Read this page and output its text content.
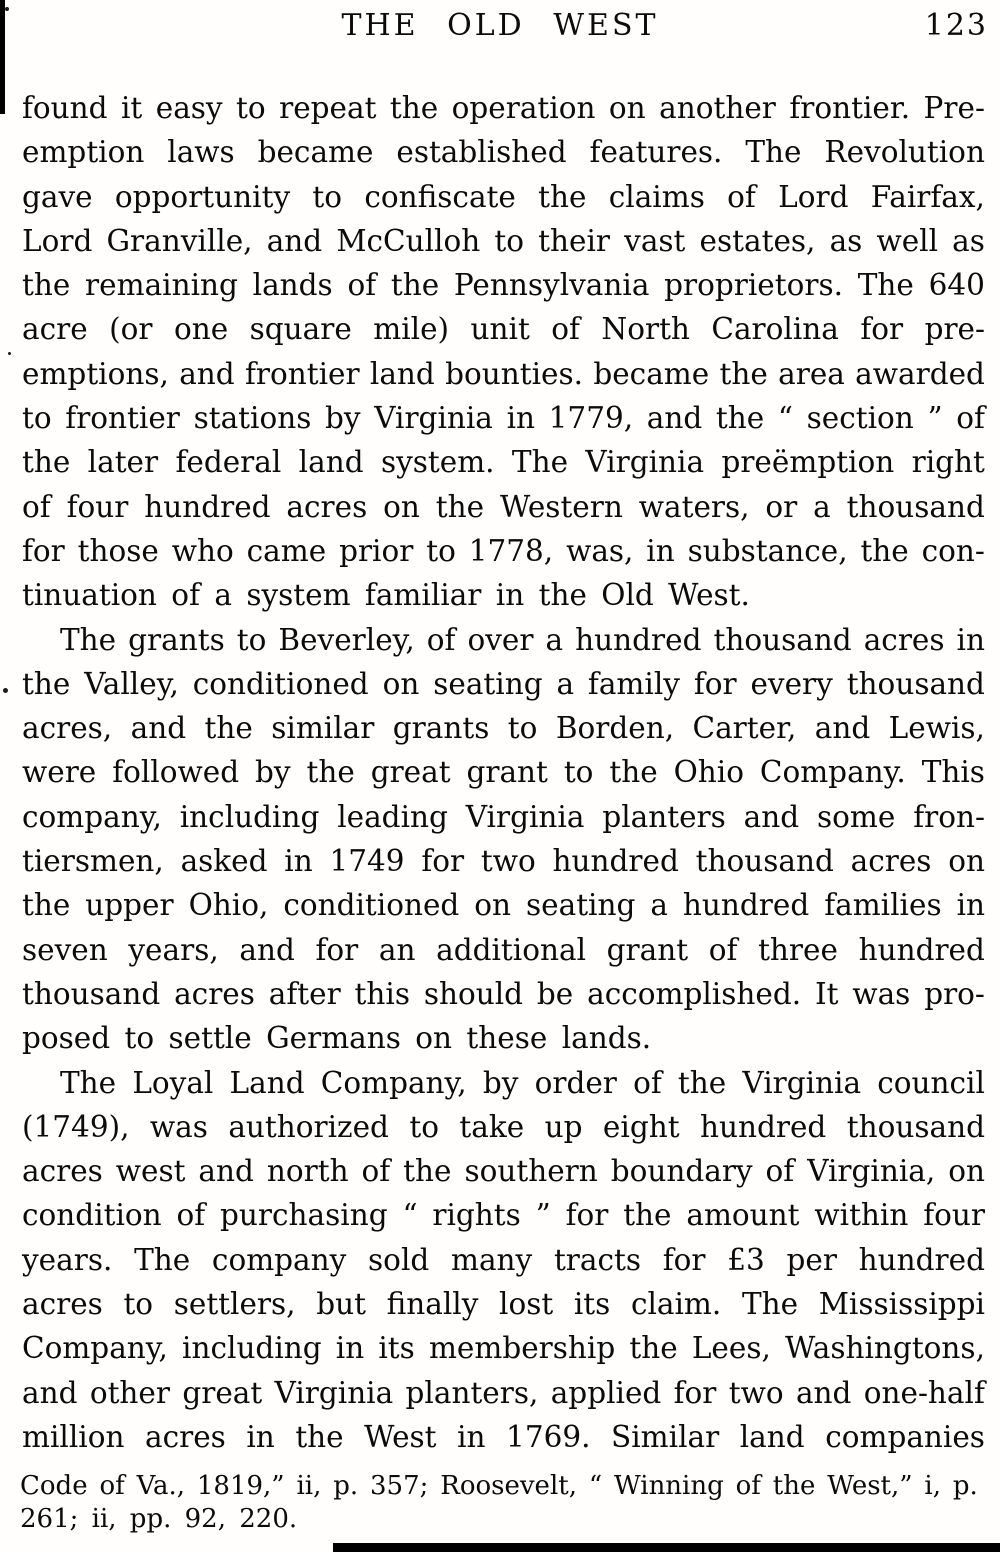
THE OLD WEST	123
found it easy to repeat the operation on another frontier. Pre-
emption laws became established features. The Revolution
gave opportunity to confiscate the claims of Lord Fairfax,
Lord Granville, and McCulloh to their vast estates, as well as
the remaining lands of the Pennsylvania proprietors. The 640
acre (or one square mile) unit of North Carolina for pre-
emptions, and frontier land bounties. became the area awarded
to frontier stations by Virginia in 1779, and the “ section ” of
the later federal land system. The Virginia preëmption right
of four hundred acres on the Western waters, or a thousand
for those who came prior to 1778, was, in substance, the con-
tinuation of a system familiar in the Old West.
The grants to Beverley, of over a hundred thousand acres in
the Valley, conditioned on seating a family for every thousand
acres, and the similar grants to Borden, Carter, and Lewis,
were followed by the great grant to the Ohio Company. This
company, including leading Virginia planters and some fron-
tiersmen, asked in 1749 for two hundred thousand acres on
the upper Ohio, conditioned on seating a hundred families in
seven years, and for an additional grant of three hundred
thousand acres after this should be accomplished. It was pro-
posed to settle Germans on these lands.
The Loyal Land Company, by order of the Virginia council
(1749), was authorized to take up eight hundred thousand
acres west and north of the southern boundary of Virginia, on
condition of purchasing “ rights ” for the amount within four
years. The company sold many tracts for £3 per hundred
acres to settlers, but finally lost its claim. The Mississippi
Company, including in its membership the Lees, Washingtons,
and other great Virginia planters, applied for two and one-half
million acres in the West in 1769. Similar land companies
Code of Va., 1819,” ii, p. 357; Roosevelt, “ Winning of the West,” i, p.
261; ii, pp. 92, 220.
